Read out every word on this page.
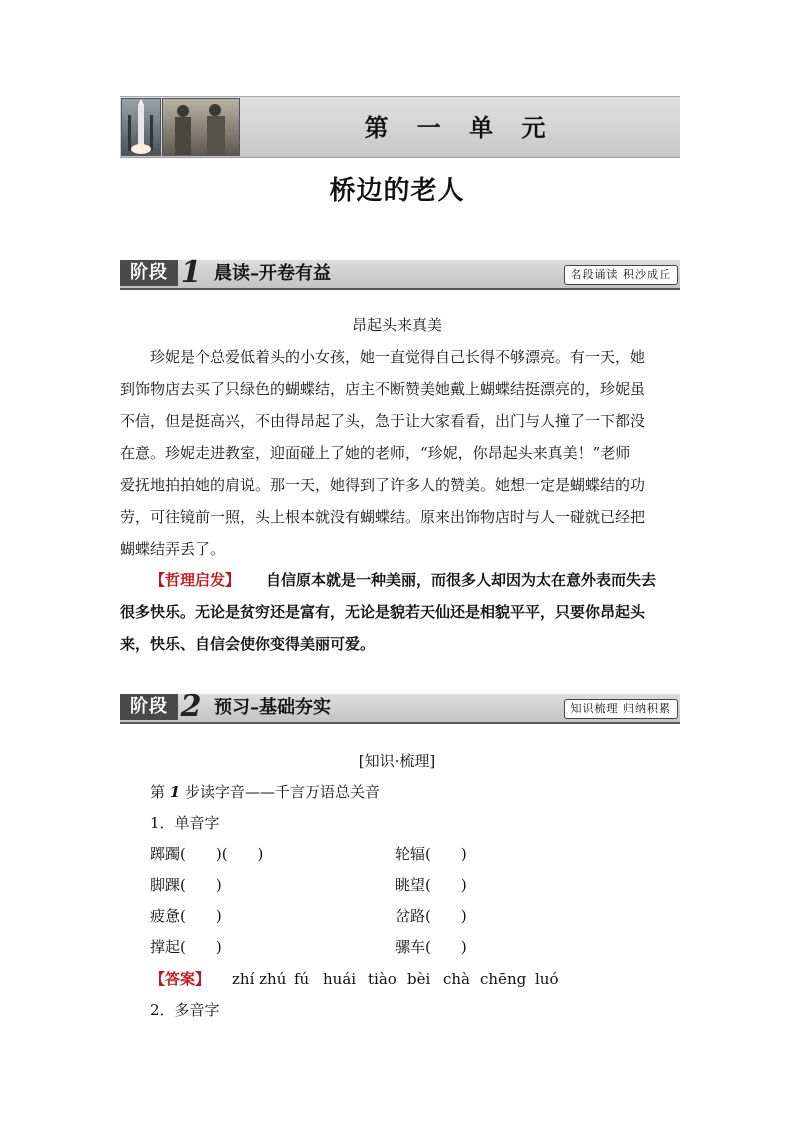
第 一 单 元
桥边的老人
阶段 1 晨读–开卷有益	名段诵读 积沙成丘
昂起头来真美
珍妮是个总爱低着头的小女孩，她一直觉得自己长得不够漂亮。有一天，她
到饰物店去买了只绿色的蝴蝶结，店主不断赞美她戴上蝴蝶结挺漂亮的，珍妮虽
不信，但是挺高兴，不由得昂起了头，急于让大家看看，出门与人撞了一下都没
在意。珍妮走进教室，迎面碰上了她的老师，“珍妮，你昂起头来真美！”老师
爱抚地拍拍她的肩说。那一天，她得到了许多人的赞美。她想一定是蝴蝶结的功
劳，可往镜前一照，头上根本就没有蝴蝶结。原来出饰物店时与人一碰就已经把
蝴蝶结弄丢了。
【哲理启发】 自信原本就是一种美丽，而很多人却因为太在意外表而失去
很多快乐。无论是贫穷还是富有，无论是貌若天仙还是相貌平平，只要你昂起头
来，快乐、自信会使你变得美丽可爱。
阶段 2 预习–基础夯实	知识梳理 归纳积累
[知识·梳理]
第 1 步读字音——千言万语总关音
1．单音字
踯躅(　　)(　　)	轮辐(　　)
脚踝(　　)	眺望(　　)
疲惫(　　)	岔路(　　)
撑起(　　)	骡车(　　)
【答案】 zhí zhú fú huái tiào bèi chà chēng luó
2．多音字
